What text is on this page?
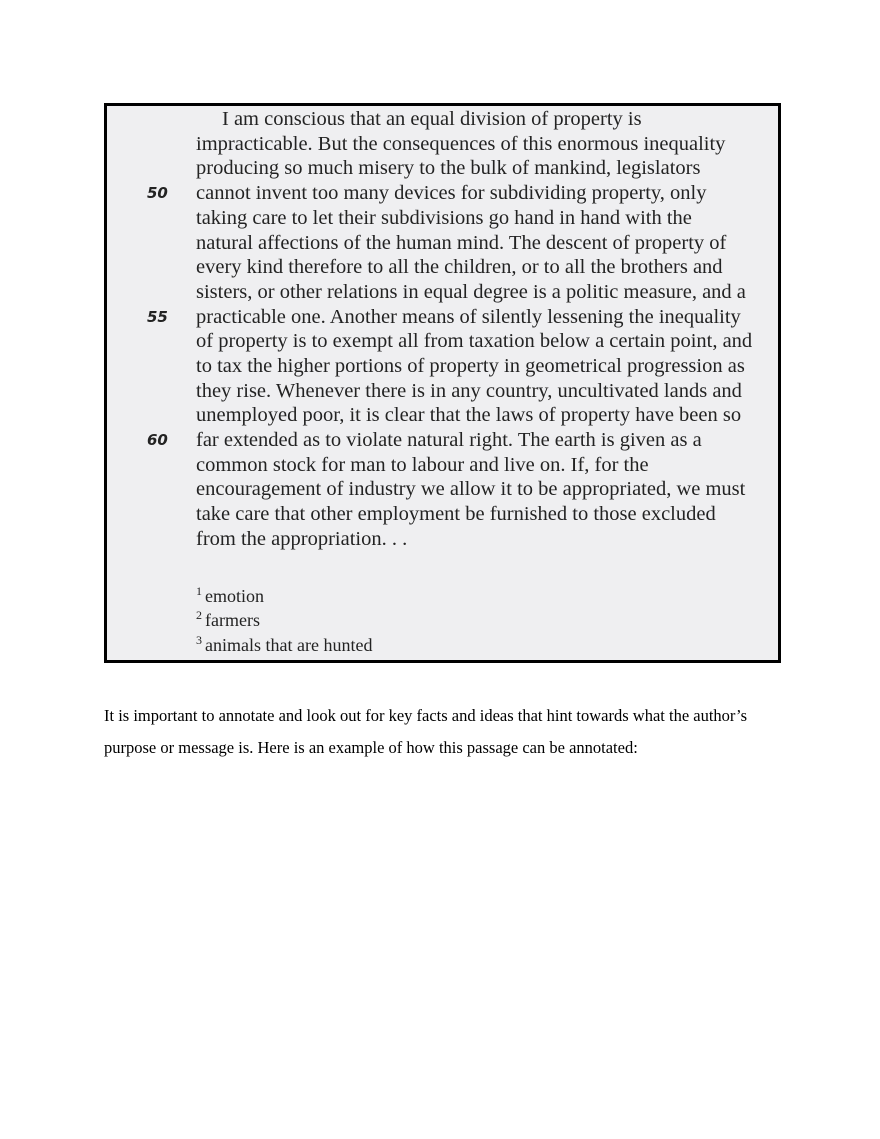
I am conscious that an equal division of property is
impracticable. But the consequences of this enormous inequality
producing so much misery to the bulk of mankind, legislators
50	cannot invent too many devices for subdividing property, only
taking care to let their subdivisions go hand in hand with the
natural affections of the human mind. The descent of property of
every kind therefore to all the children, or to all the brothers and
sisters, or other relations in equal degree is a politic measure, and a
55	practicable one. Another means of silently lessening the inequality
of property is to exempt all from taxation below a certain point, and
to tax the higher portions of property in geometrical progression as
they rise. Whenever there is in any country, uncultivated lands and
unemployed poor, it is clear that the laws of property have been so
60	far extended as to violate natural right. The earth is given as a
common stock for man to labour and live on. If, for the
encouragement of industry we allow it to be appropriated, we must
take care that other employment be furnished to those excluded
from the appropriation. . .
$^1$ emotion
$^2$ farmers
$^3$ animals that are hunted

It is important to annotate and look out for key facts and ideas that hint towards what the author’s

purpose or message is. Here is an example of how this passage can be annotated:
